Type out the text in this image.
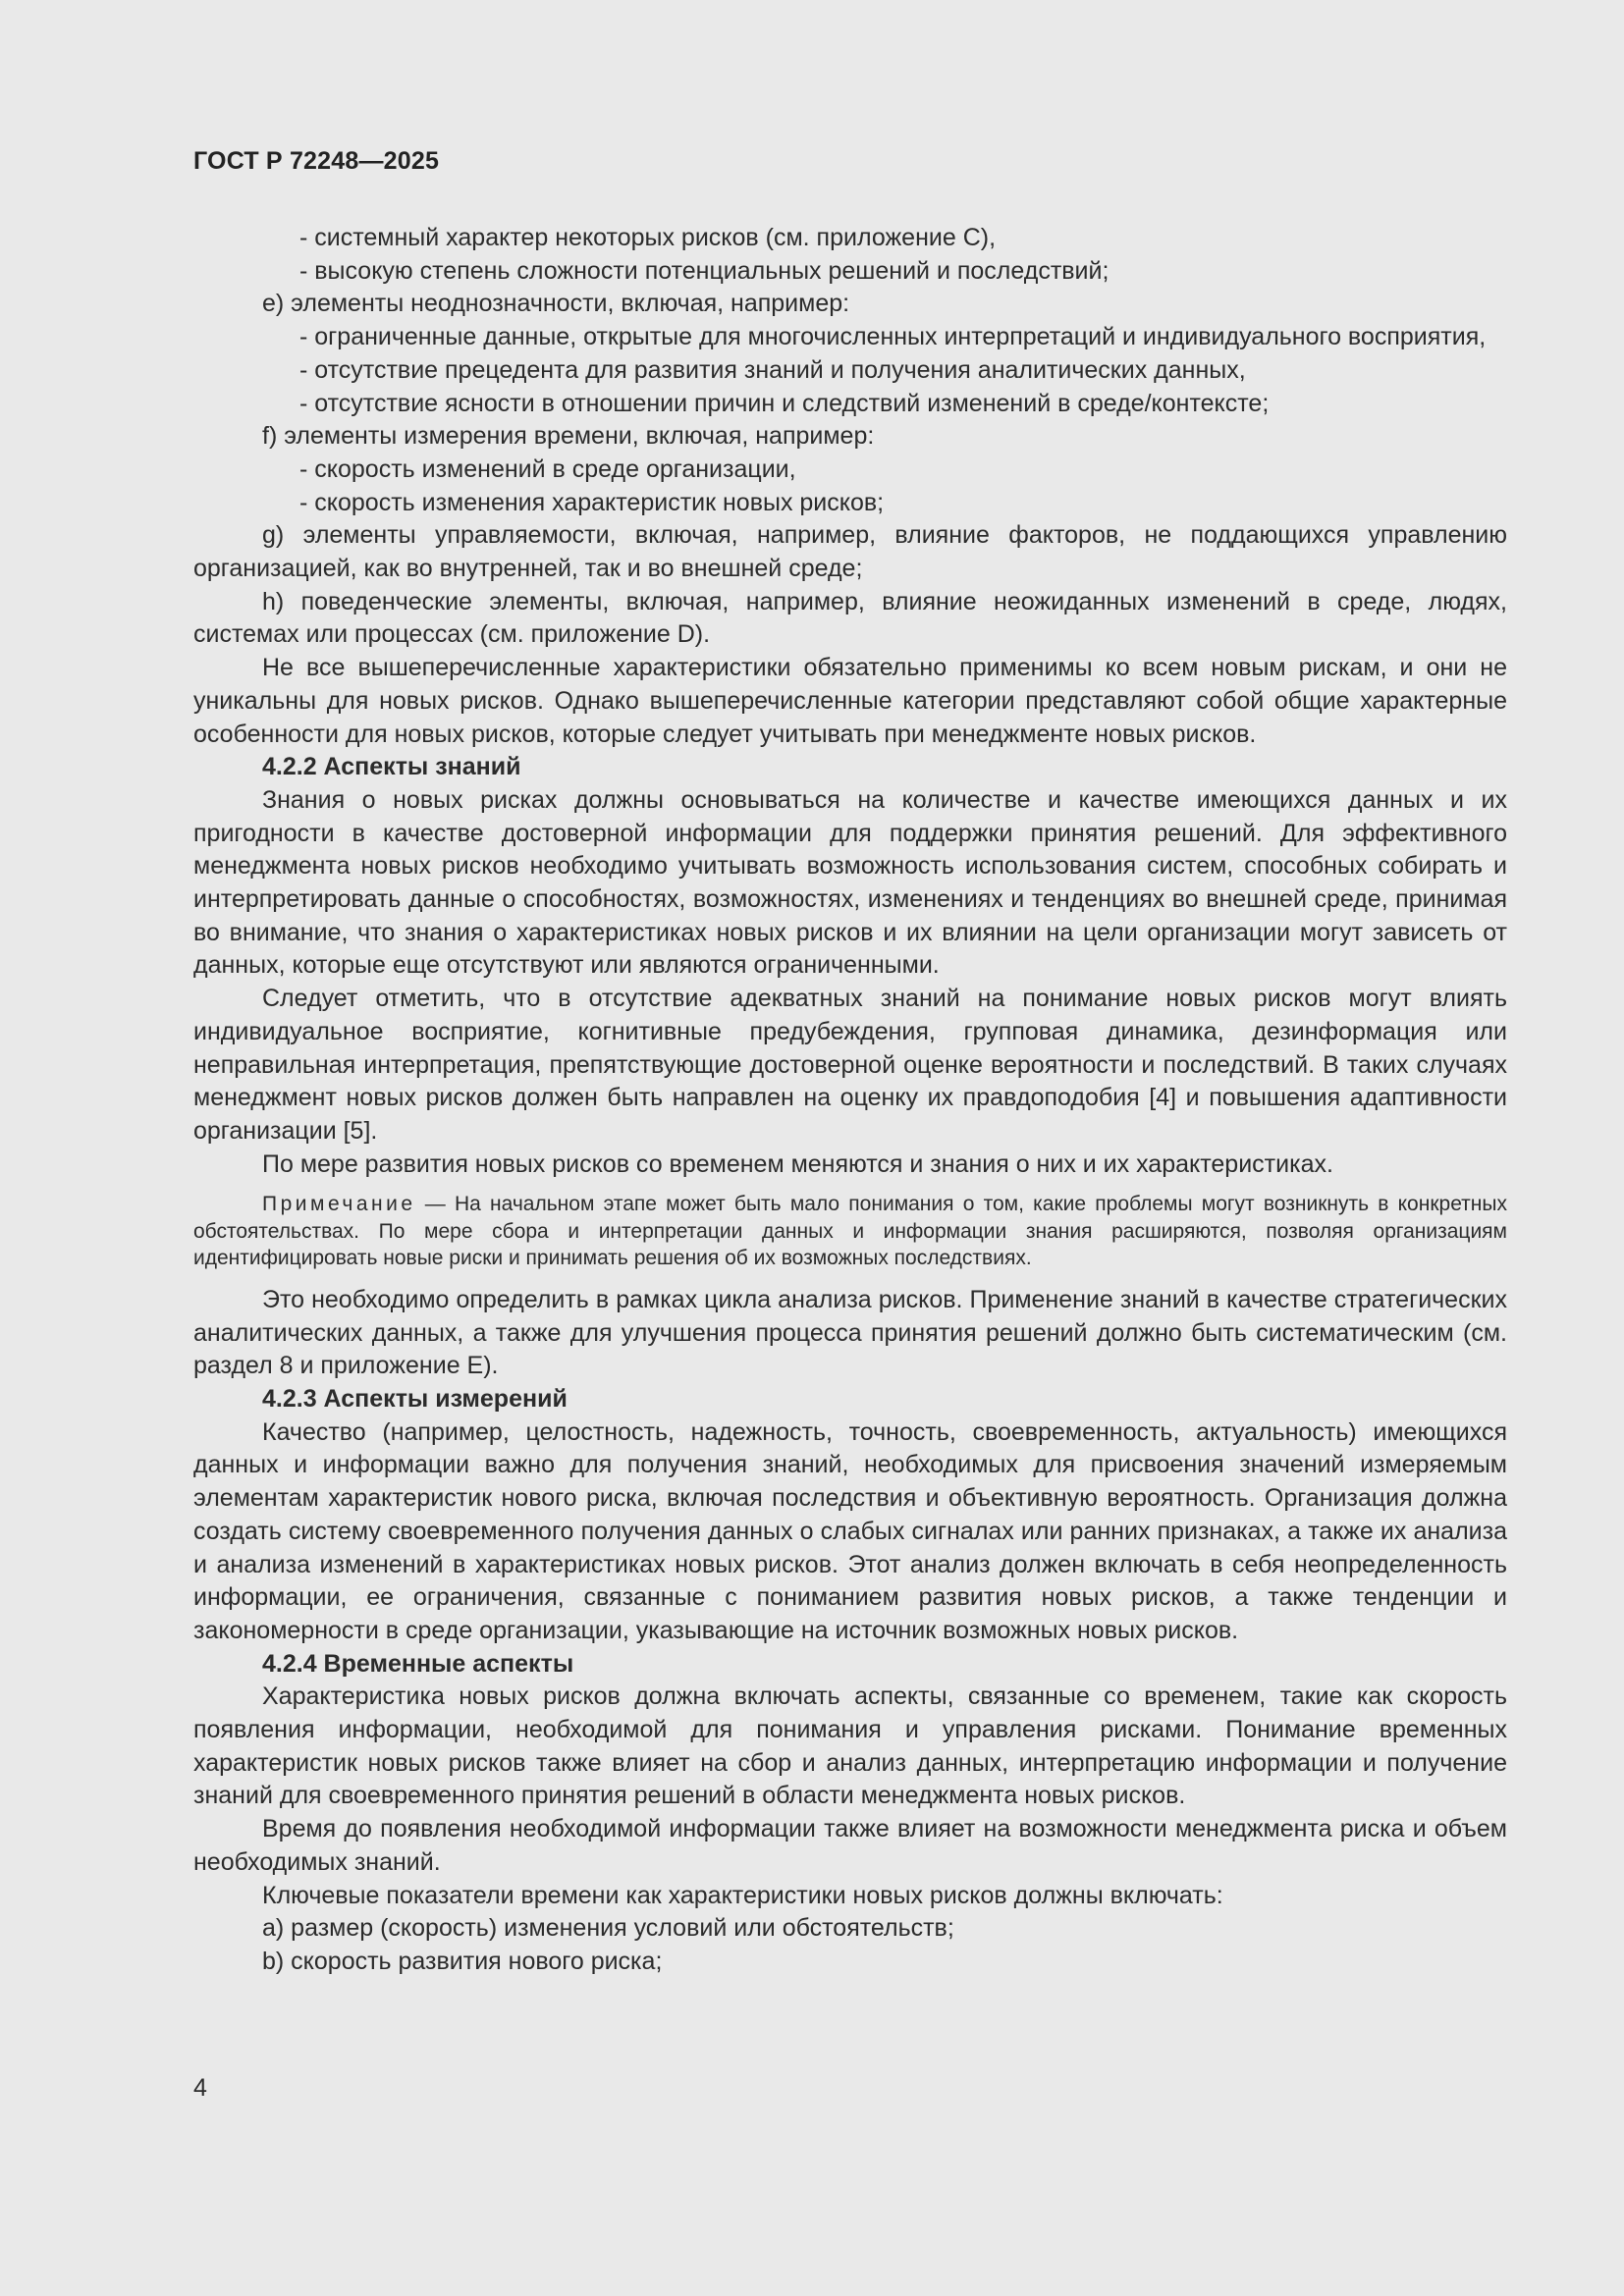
ГОСТ Р 72248—2025

- системный характер некоторых рисков (см. приложение С),

- высокую степень сложности потенциальных решений и последствий;

e) элементы неоднозначности, включая, например:

- ограниченные данные, открытые для многочисленных интерпретаций и индивидуального восприятия,

- отсутствие прецедента для развития знаний и получения аналитических данных,

- отсутствие ясности в отношении причин и следствий изменений в среде/контексте;

f) элементы измерения времени, включая, например:

- скорость изменений в среде организации,

- скорость изменения характеристик новых рисков;

g) элементы управляемости, включая, например, влияние факторов, не поддающихся управлению организацией, как во внутренней, так и во внешней среде;

h) поведенческие элементы, включая, например, влияние неожиданных изменений в среде, людях, системах или процессах (см. приложение D).

Не все вышеперечисленные характеристики обязательно применимы ко всем новым рискам, и они не уникальны для новых рисков. Однако вышеперечисленные категории представляют собой общие характерные особенности для новых рисков, которые следует учитывать при менеджменте новых рисков.

4.2.2 Аспекты знаний

Знания о новых рисках должны основываться на количестве и качестве имеющихся данных и их пригодности в качестве достоверной информации для поддержки принятия решений. Для эффективного менеджмента новых рисков необходимо учитывать возможность использования систем, способных собирать и интерпретировать данные о способностях, возможностях, изменениях и тенденциях во внешней среде, принимая во внимание, что знания о характеристиках новых рисков и их влиянии на цели организации могут зависеть от данных, которые еще отсутствуют или являются ограниченными.

Следует отметить, что в отсутствие адекватных знаний на понимание новых рисков могут влиять индивидуальное восприятие, когнитивные предубеждения, групповая динамика, дезинформация или неправильная интерпретация, препятствующие достоверной оценке вероятности и последствий. В таких случаях менеджмент новых рисков должен быть направлен на оценку их правдоподобия [4] и повышения адаптивности организации [5].

По мере развития новых рисков со временем меняются и знания о них и их характеристиках.

Примечание — На начальном этапе может быть мало понимания о том, какие проблемы могут возникнуть в конкретных обстоятельствах. По мере сбора и интерпретации данных и информации знания расширяются, позволяя организациям идентифицировать новые риски и принимать решения об их возможных последствиях.

Это необходимо определить в рамках цикла анализа рисков. Применение знаний в качестве стратегических аналитических данных, а также для улучшения процесса принятия решений должно быть систематическим (см. раздел 8 и приложение Е).

4.2.3 Аспекты измерений

Качество (например, целостность, надежность, точность, своевременность, актуальность) имеющихся данных и информации важно для получения знаний, необходимых для присвоения значений измеряемым элементам характеристик нового риска, включая последствия и объективную вероятность. Организация должна создать систему своевременного получения данных о слабых сигналах или ранних признаках, а также их анализа и анализа изменений в характеристиках новых рисков. Этот анализ должен включать в себя неопределенность информации, ее ограничения, связанные с пониманием развития новых рисков, а также тенденции и закономерности в среде организации, указывающие на источник возможных новых рисков.

4.2.4 Временные аспекты

Характеристика новых рисков должна включать аспекты, связанные со временем, такие как скорость появления информации, необходимой для понимания и управления рисками. Понимание временных характеристик новых рисков также влияет на сбор и анализ данных, интерпретацию информации и получение знаний для своевременного принятия решений в области менеджмента новых рисков.

Время до появления необходимой информации также влияет на возможности менеджмента риска и объем необходимых знаний.

Ключевые показатели времени как характеристики новых рисков должны включать:

a) размер (скорость) изменения условий или обстоятельств;

b) скорость развития нового риска;

4
